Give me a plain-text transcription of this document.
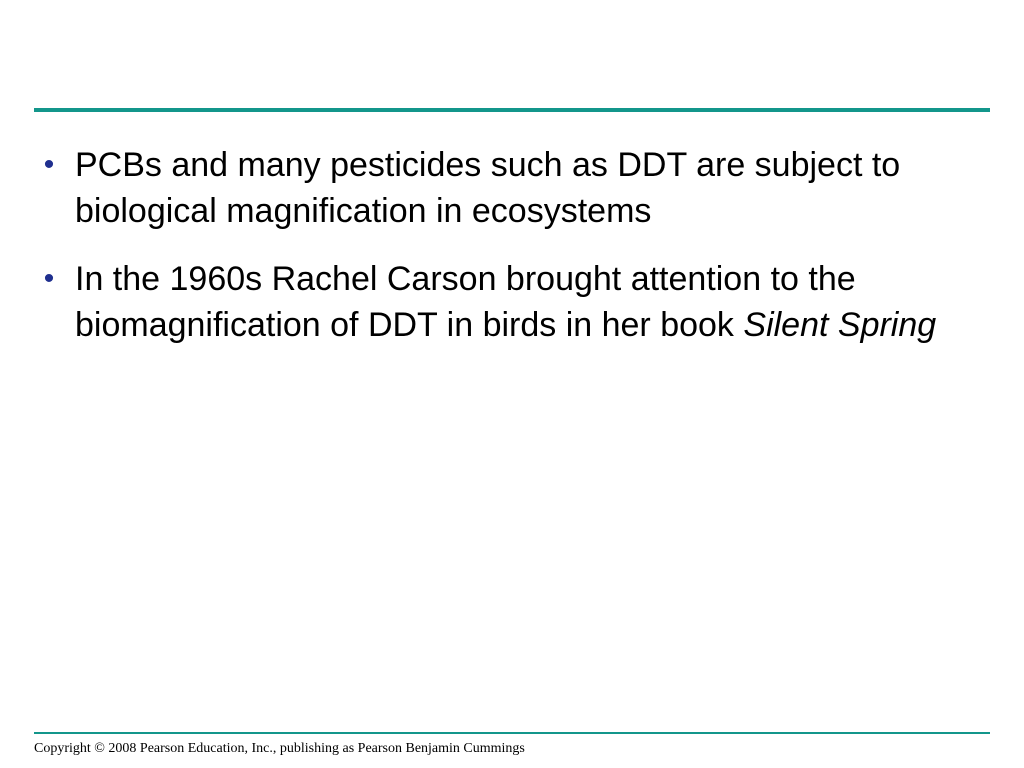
• PCBs and many pesticides such as DDT are subject to biological magnification in ecosystems
• In the 1960s Rachel Carson brought attention to the biomagnification of DDT in birds in her book Silent Spring
Copyright © 2008 Pearson Education, Inc., publishing as Pearson Benjamin Cummings
